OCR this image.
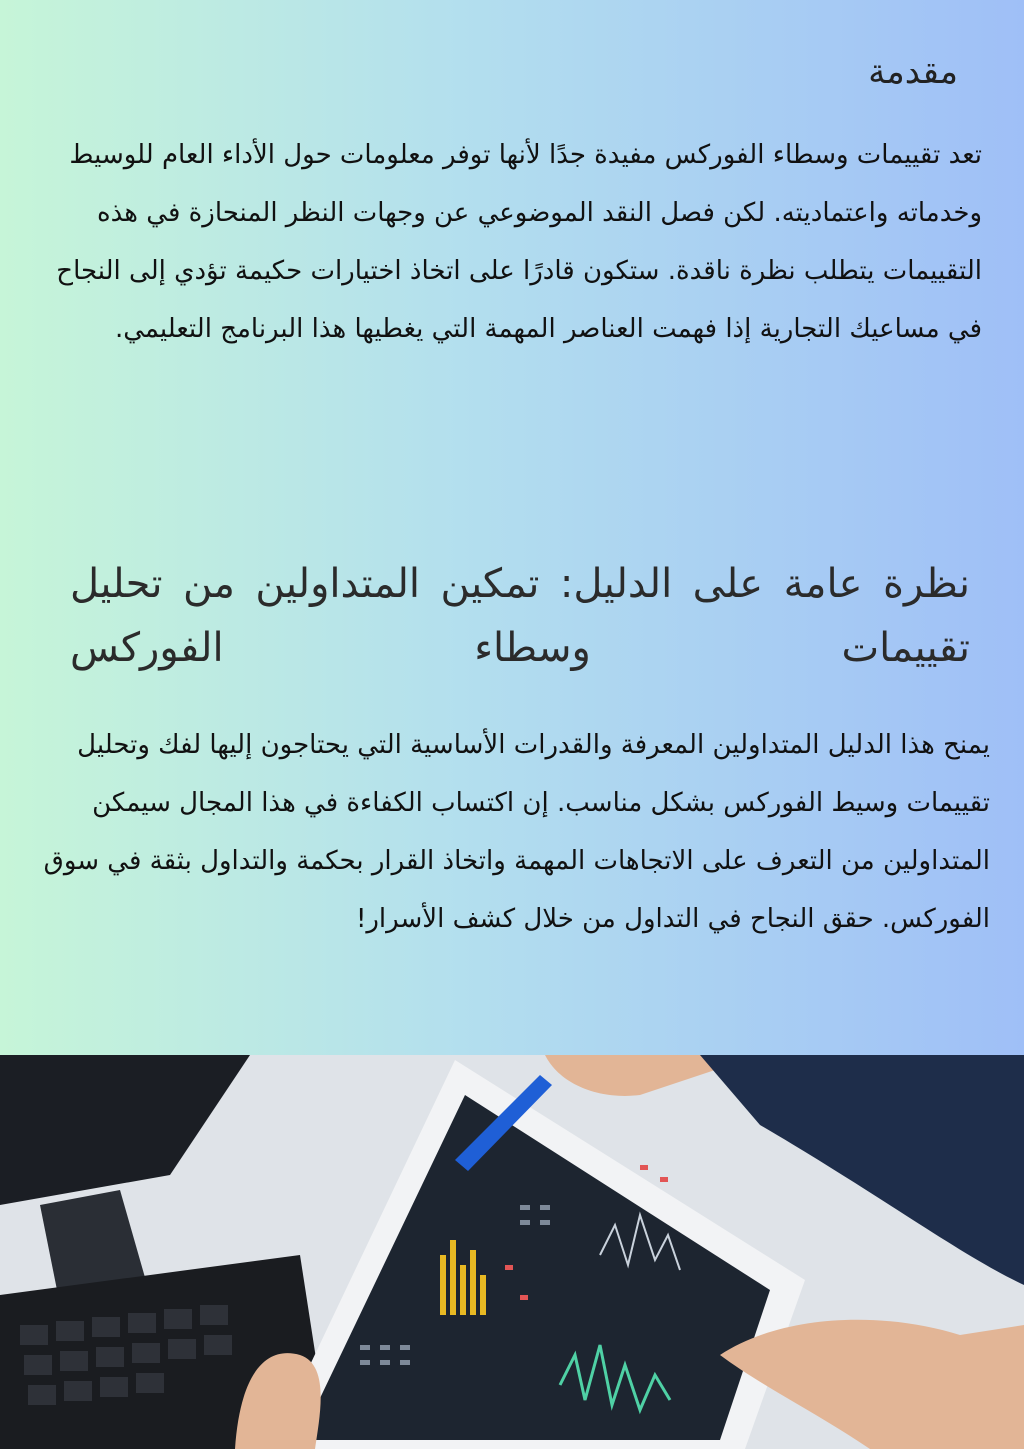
مقدمة

تعد تقييمات وسطاء الفوركس مفيدة جدًا لأنها توفر معلومات حول الأداء العام للوسيط وخدماته واعتماديته. لكن فصل النقد الموضوعي عن وجهات النظر المنحازة في هذه التقييمات يتطلب نظرة ناقدة. ستكون قادرًا على اتخاذ اختيارات حكيمة تؤدي إلى النجاح في مساعيك التجارية إذا فهمت العناصر المهمة التي يغطيها هذا البرنامج التعليمي.

نظرة عامة على الدليل: تمكين المتداولين من تحليل تقييمات وسطاء الفوركس

يمنح هذا الدليل المتداولين المعرفة والقدرات الأساسية التي يحتاجون إليها لفك وتحليل تقييمات وسيط الفوركس بشكل مناسب. إن اكتساب الكفاءة في هذا المجال سيمكن المتداولين من التعرف على الاتجاهات المهمة واتخاذ القرار بحكمة والتداول بثقة في سوق الفوركس. حقق النجاح في التداول من خلال كشف الأسرار!
